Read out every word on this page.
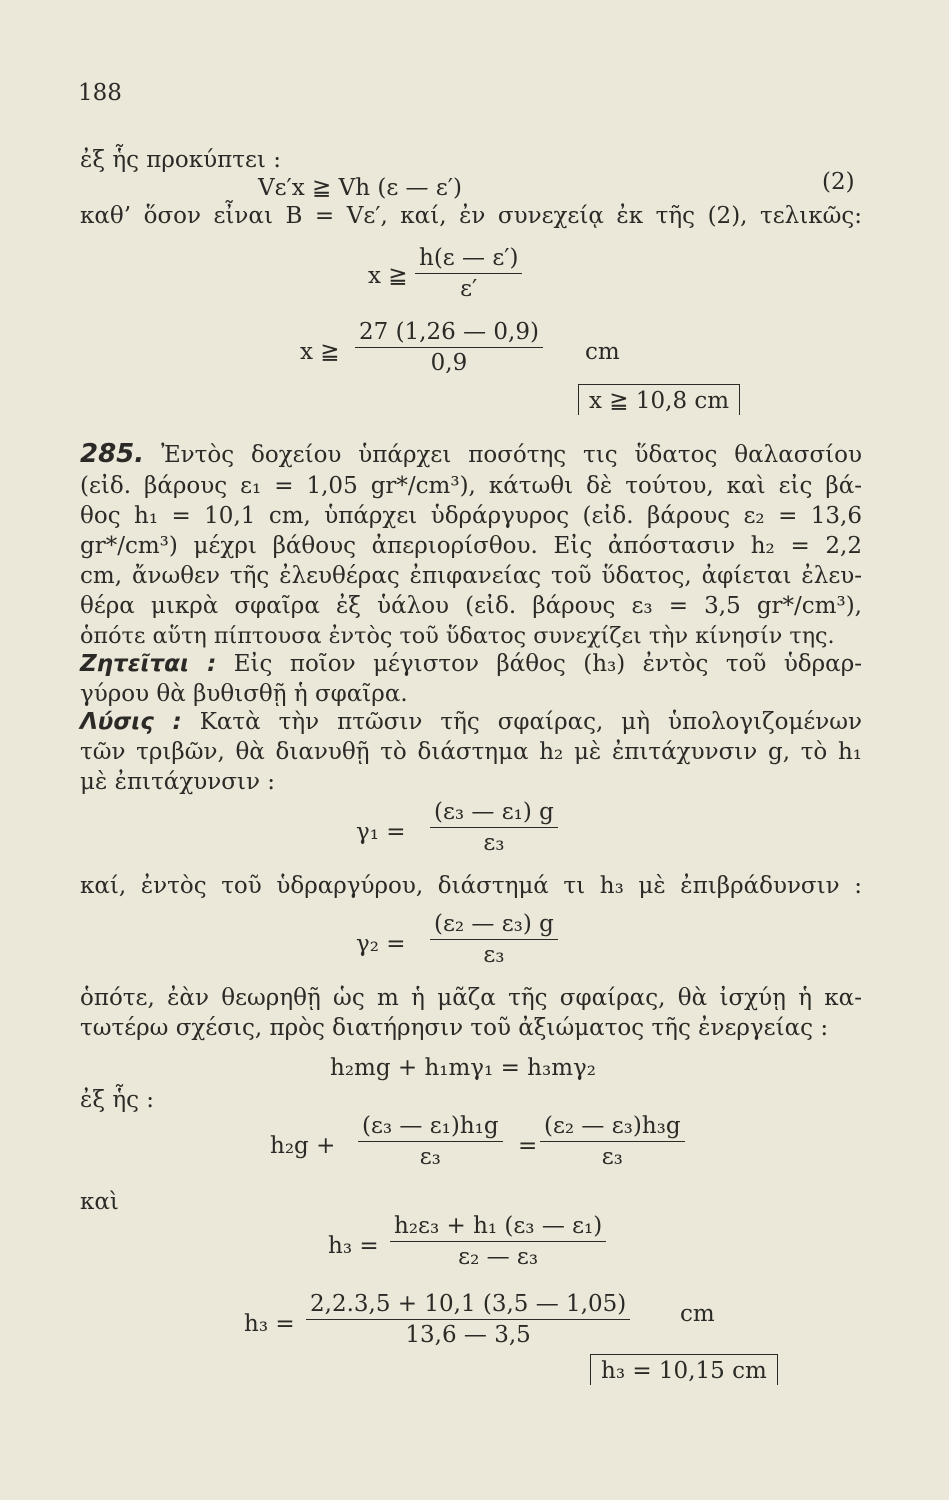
188
ἐξ ἧς προκύπτει :
Vε′x ≧ Vh (ε — ε′)	(2)
καθ’ ὅσον εἶναι B = Vε′, καί, ἐν συνεχείᾳ ἐκ τῆς (2), τελικῶς:
x ≧ $\frac{h(\varepsilon — \varepsilon')}{\varepsilon'}$
x ≧ $\frac{27 (1,26 — 0,9)}{0,9}$ cm
x ≧ 10,8 cm
285. Ἐντὸς δοχείου ὑπάρχει ποσότης τις ὕδατος θαλασσίου
(εἰδ. βάρους ε₁ = 1,05 gr*/cm³), κάτωθι δὲ τούτου, καὶ εἰς βά-
θος h₁ = 10,1 cm, ὑπάρχει ὑδράργυρος (εἰδ. βάρους ε₂ = 13,6
gr*/cm³) μέχρι βάθους ἀπεριορίσθου. Εἰς ἀπόστασιν h₂ = 2,2
cm, ἄνωθεν τῆς ἐλευθέρας ἐπιφανείας τοῦ ὕδατος, ἀφίεται ἐλευ-
θέρα μικρὰ σφαῖρα ἐξ ὑάλου (εἰδ. βάρους ε₃ = 3,5 gr*/cm³),
ὁπότε αὕτη πίπτουσα ἐντὸς τοῦ ὕδατος συνεχίζει τὴν κίνησίν της.
Ζητεῖται : Εἰς ποῖον μέγιστον βάθος (h₃) ἐντὸς τοῦ ὑδραρ-
γύρου θὰ βυθισθῇ ἡ σφαῖρα.
Λύσις : Κατὰ τὴν πτῶσιν τῆς σφαίρας, μὴ ὑπολογιζομένων
τῶν τριβῶν, θὰ διανυθῇ τὸ διάστημα h₂ μὲ ἐπιτάχυνσιν g, τὸ h₁
μὲ ἐπιτάχυνσιν :
$\gamma_1 = \frac{\text{(ε₃ — ε₁) g}}{\text{ε₃}}$
καί, ἐντὸς τοῦ ὑδραργύρου, διάστημά τι h₃ μὲ ἐπιβράδυνσιν :
$\gamma_2 = \frac{\text{(ε₂ — ε₃) g}}{\text{ε₃}}$
ὁπότε, ἐὰν θεωρηθῇ ὡς m ἡ μᾶζα τῆς σφαίρας, θὰ ἰσχύῃ ἡ κα-
τωτέρω σχέσις, πρὸς διατήρησιν τοῦ ἀξιώματος τῆς ἐνεργείας :
h₂mg + h₁mγ₁ = h₃mγ₂
ἐξ ἧς :
$h_2g + \frac{\text{(ε₃ — ε₁)h₁g}}{\text{ε₃}} = \frac{\text{(ε₂ — ε₃)h₃g}}{\text{ε₃}}$
καὶ
$h_3 = \frac{\text{h₂ε₃ + h₁ (ε₃ — ε₁)}}{\text{ε₂ — ε₃}}$
$h_3 = \frac{2,2.3,5 + 10,1 (3,5 — 1,05)}{13,6 — 3,5}$ cm
h₃ = 10,15 cm
